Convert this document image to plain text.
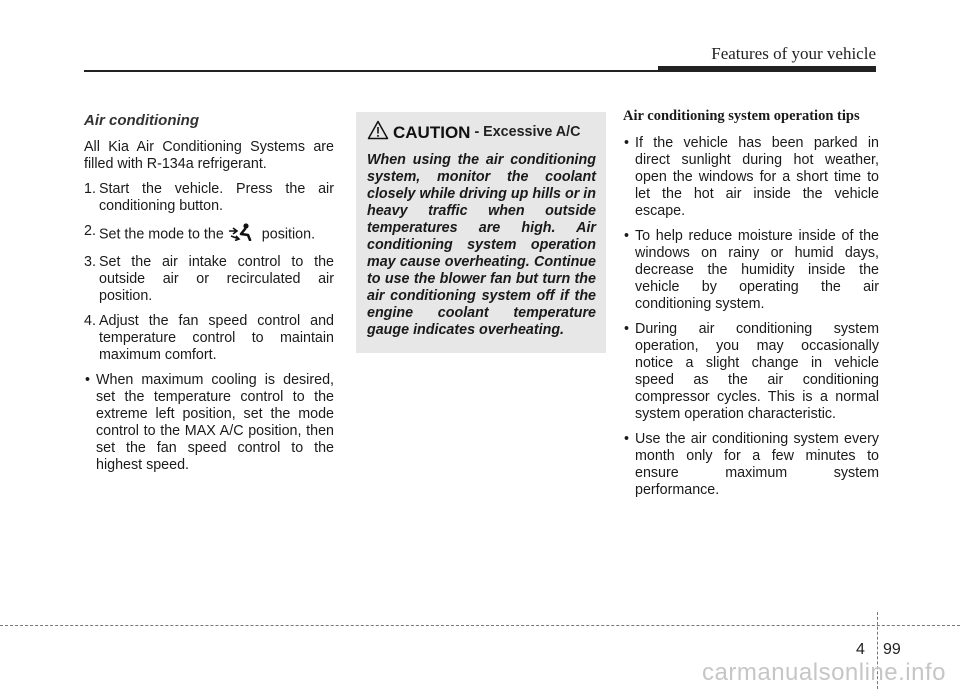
Features of your vehicle
Air conditioning

All Kia Air Conditioning Systems are filled with R-134a refrigerant.

1. Start the vehicle. Press the air conditioning button.
2. Set the mode to the	position.
3. Set the air intake control to the outside air or recirculated air position.
4. Adjust the fan speed control and temperature control to maintain maximum comfort.
• When maximum cooling is desired, set the temperature control to the extreme left position, set the mode control to the MAX A/C position, then set the fan speed control to the highest speed.
CAUTION - Excessive A/C
When using the air conditioning system, monitor the coolant closely while driving up hills or in heavy traffic when outside temperatures are high. Air conditioning system operation may cause overheating. Continue to use the blower fan but turn the air conditioning system off if the engine coolant temperature gauge indicates overheating.
Air conditioning system operation tips
• If the vehicle has been parked in direct sunlight during hot weather, open the windows for a short time to let the hot air inside the vehicle escape.
• To help reduce moisture inside of the windows on rainy or humid days, decrease the humidity inside the vehicle by operating the air conditioning system.
• During air conditioning system operation, you may occasionally notice a slight change in vehicle speed as the air conditioning compressor cycles. This is a normal system operation characteristic.
• Use the air conditioning system every month only for a few minutes to ensure maximum system performance.
4 99
carmanualsonline.info
